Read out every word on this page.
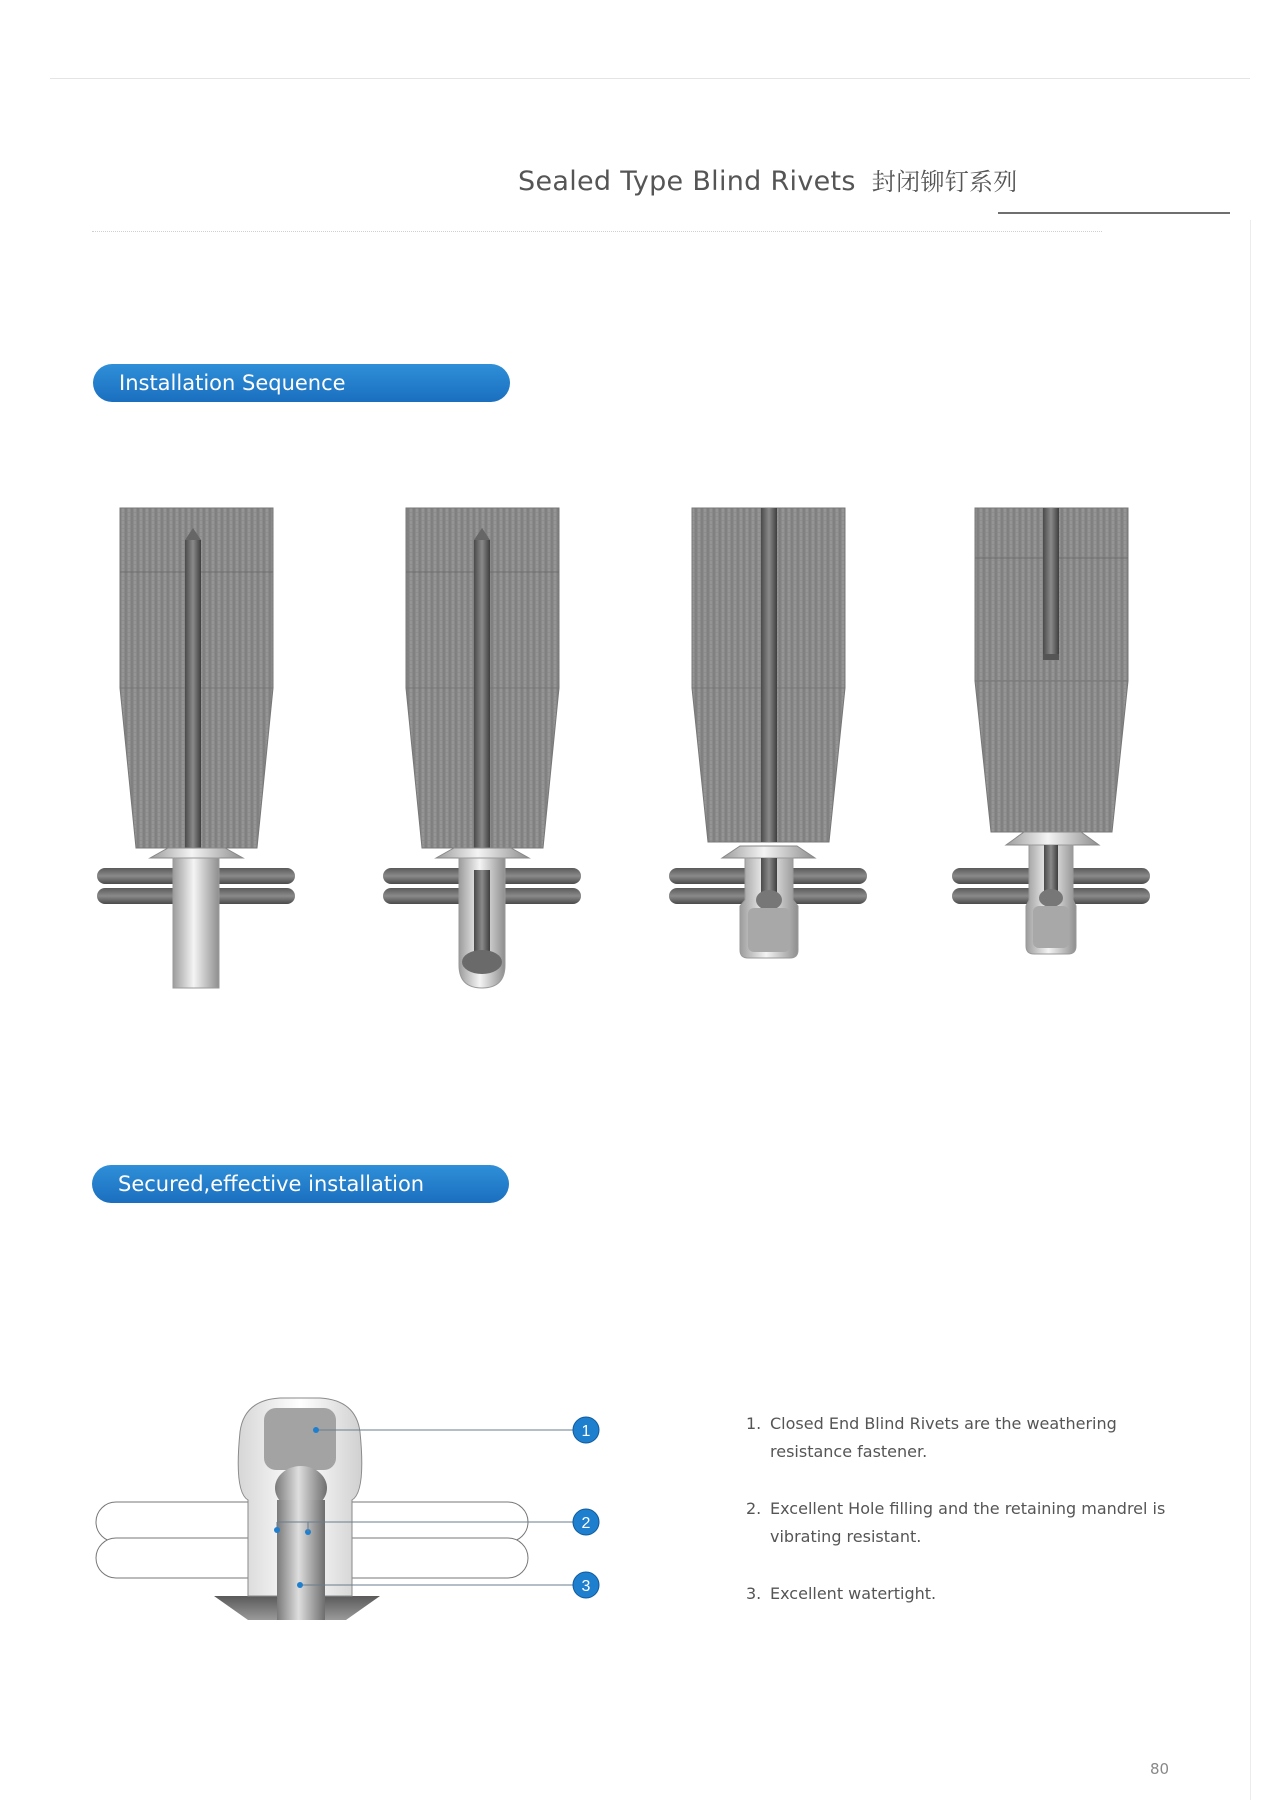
Sealed Type Blind Rivets 封闭铆钉系列
Installation Sequence
Secured,effective installation
1
2
3
1. Closed End Blind Rivets are the weathering resistance fastener.
2. Excellent Hole filling and the retaining mandrel is vibrating resistant.
3. Excellent watertight.
80
